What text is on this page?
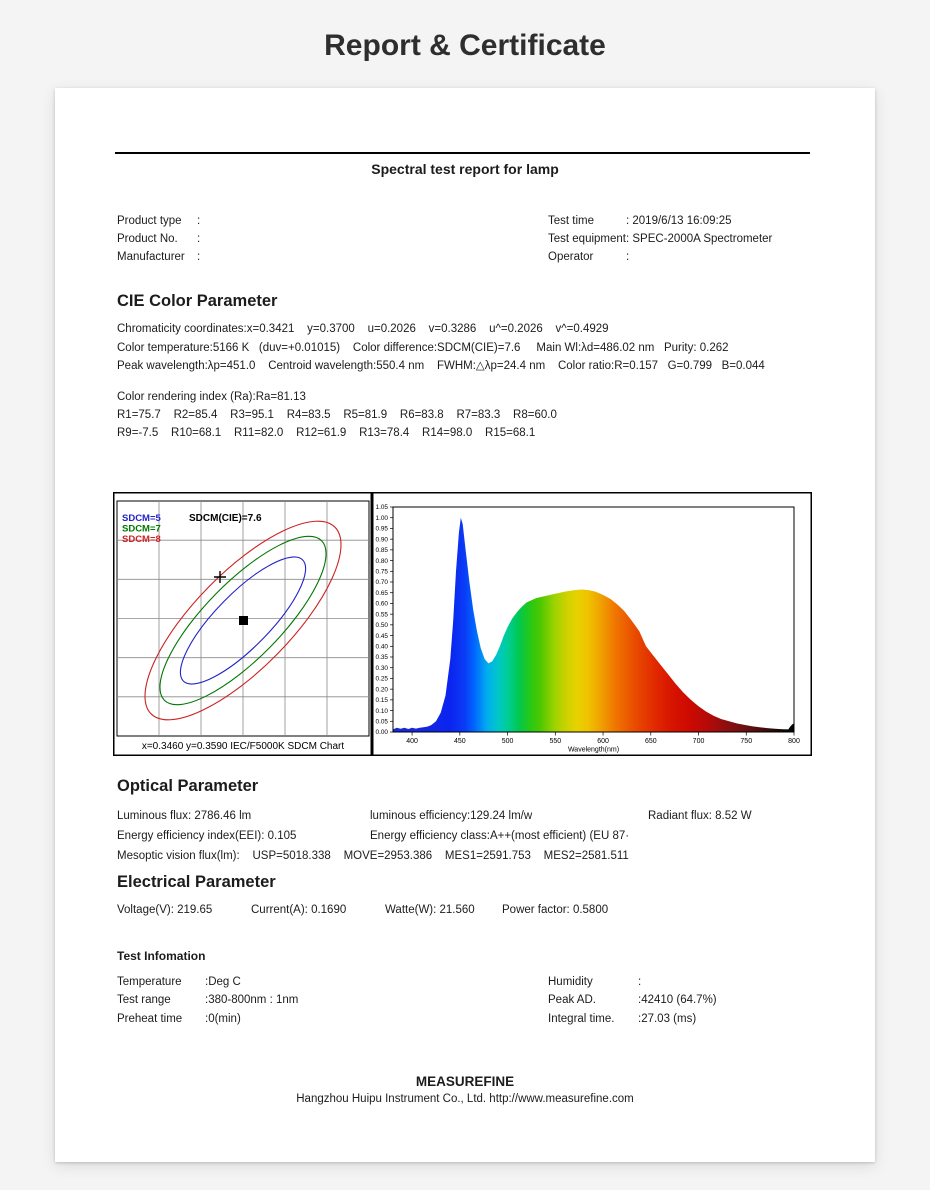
Report & Certificate
Spectral test report for lamp
Product type	:
Product No.	:
Manufacturer	:
Test time	: 2019/6/13 16:09:25
Test equipment : SPEC-2000A Spectrometer
Operator	:
CIE Color Parameter
Chromaticity coordinates:x=0.3421    y=0.3700    u=0.2026    v=0.3286    u^=0.2026    v^=0.4929
Color temperature:5166 K   (duv=+0.01015)    Color difference:SDCM(CIE)=7.6     Main Wl:λd=486.02 nm   Purity: 0.262
Peak wavelength:λp=451.0    Centroid wavelength:550.4 nm    FWHM:△λp=24.4 nm    Color ratio:R=0.157   G=0.799   B=0.044
Color rendering index (Ra):Ra=81.13
R1=75.7    R2=85.4    R3=95.1    R4=83.5    R5=81.9    R6=83.8    R7=83.3    R8=60.0
R9=-7.5    R10=68.1    R11=82.0    R12=61.9    R13=78.4    R14=98.0    R15=68.1
SDCM=5
SDCM=7
SDCM=8
SDCM(CIE)=7.6
x=0.3460 y=0.3590 IEC/F5000K SDCM Chart
0.00
0.05
0.10
0.15
0.20
0.25
0.30
0.35
0.40
0.45
0.50
0.55
0.60
0.65
0.70
0.75
0.80
0.85
0.90
0.95
1.00
1.05
400	450	500	550	600	650	700	750	800
Wavelength(nm)
Optical Parameter
Luminous flux: 2786.46 lm	luminous efficiency:129.24 lm/w	Radiant flux: 8.52 W
Energy efficiency index(EEI): 0.105	Energy efficiency class:A++(most efficient) (EU 87·
Mesoptic vision flux(lm):    USP=5018.338    MOVE=2953.386    MES1=2591.753    MES2=2581.511
Electrical Parameter
Voltage(V): 219.65	Current(A): 0.1690	Watte(W): 21.560	Power factor: 0.5800
Test Infomation
Temperature	:Deg C
Test range	:380-800nm : 1nm
Preheat time	:0(min)
Humidity	:
Peak AD.	:42410 (64.7%)
Integral time.	:27.03 (ms)
MEASUREFINE
Hangzhou Huipu Instrument Co., Ltd. http://www.measurefine.com
